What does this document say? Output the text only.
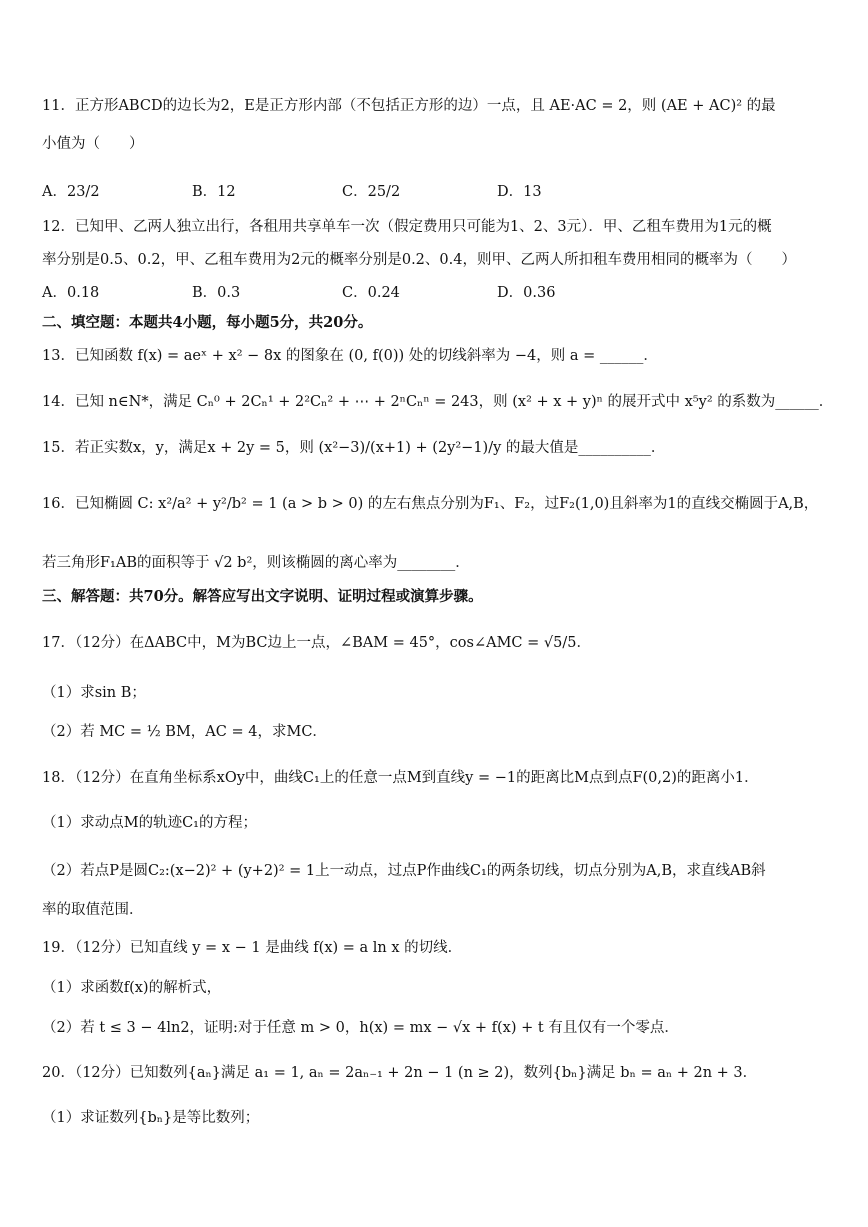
11．正方形ABCD的边长为2，E是正方形内部（不包括正方形的边）一点，且 AE·AC = 2，则 (AE + AC)² 的最
小值为（　　）
A．23/2	B．12	C．25/2	D．13
12．已知甲、乙两人独立出行，各租用共享单车一次（假定费用只可能为1、2、3元）．甲、乙租车费用为1元的概
率分别是0.5、0.2，甲、乙租车费用为2元的概率分别是0.2、0.4，则甲、乙两人所扣租车费用相同的概率为（　　）
A．0.18	B．0.3	C．0.24	D．0.36
二、填空题：本题共4小题，每小题5分，共20分。
13．已知函数 f(x) = aeˣ + x² − 8x 的图象在 (0, f(0)) 处的切线斜率为 −4，则 a = ______．
14．已知 n∈N*，满足 Cₙ⁰ + 2Cₙ¹ + 2²Cₙ² + ⋯ + 2ⁿCₙⁿ = 243，则 (x² + x + y)ⁿ 的展开式中 x⁵y² 的系数为______．
15．若正实数x，y，满足x + 2y = 5，则 (x²−3)/(x+1) + (2y²−1)/y 的最大值是__________．
16．已知椭圆 C: x²/a² + y²/b² = 1 (a > b > 0) 的左右焦点分别为F₁、F₂，过F₂(1,0)且斜率为1的直线交椭圆于A,B，
若三角形F₁AB的面积等于 √2 b²，则该椭圆的离心率为________．
三、解答题：共70分。解答应写出文字说明、证明过程或演算步骤。
17．（12分）在ΔABC中，M为BC边上一点，∠BAM = 45°，cos∠AMC = √5/5．
（1）求sin B；
（2）若 MC = ½ BM，AC = 4，求MC．
18．（12分）在直角坐标系xOy中，曲线C₁上的任意一点M到直线y = −1的距离比M点到点F(0,2)的距离小1．
（1）求动点M的轨迹C₁的方程；
（2）若点P是圆C₂:(x−2)² + (y+2)² = 1上一动点，过点P作曲线C₁的两条切线，切点分别为A,B，求直线AB斜
率的取值范围．
19．（12分）已知直线 y = x − 1 是曲线 f(x) = a ln x 的切线．
（1）求函数f(x)的解析式，
（2）若 t ≤ 3 − 4ln2，证明:对于任意 m > 0，h(x) = mx − √x + f(x) + t 有且仅有一个零点．
20．（12分）已知数列{aₙ}满足 a₁ = 1, aₙ = 2aₙ₋₁ + 2n − 1 (n ≥ 2)，数列{bₙ}满足 bₙ = aₙ + 2n + 3．
（1）求证数列{bₙ}是等比数列；
